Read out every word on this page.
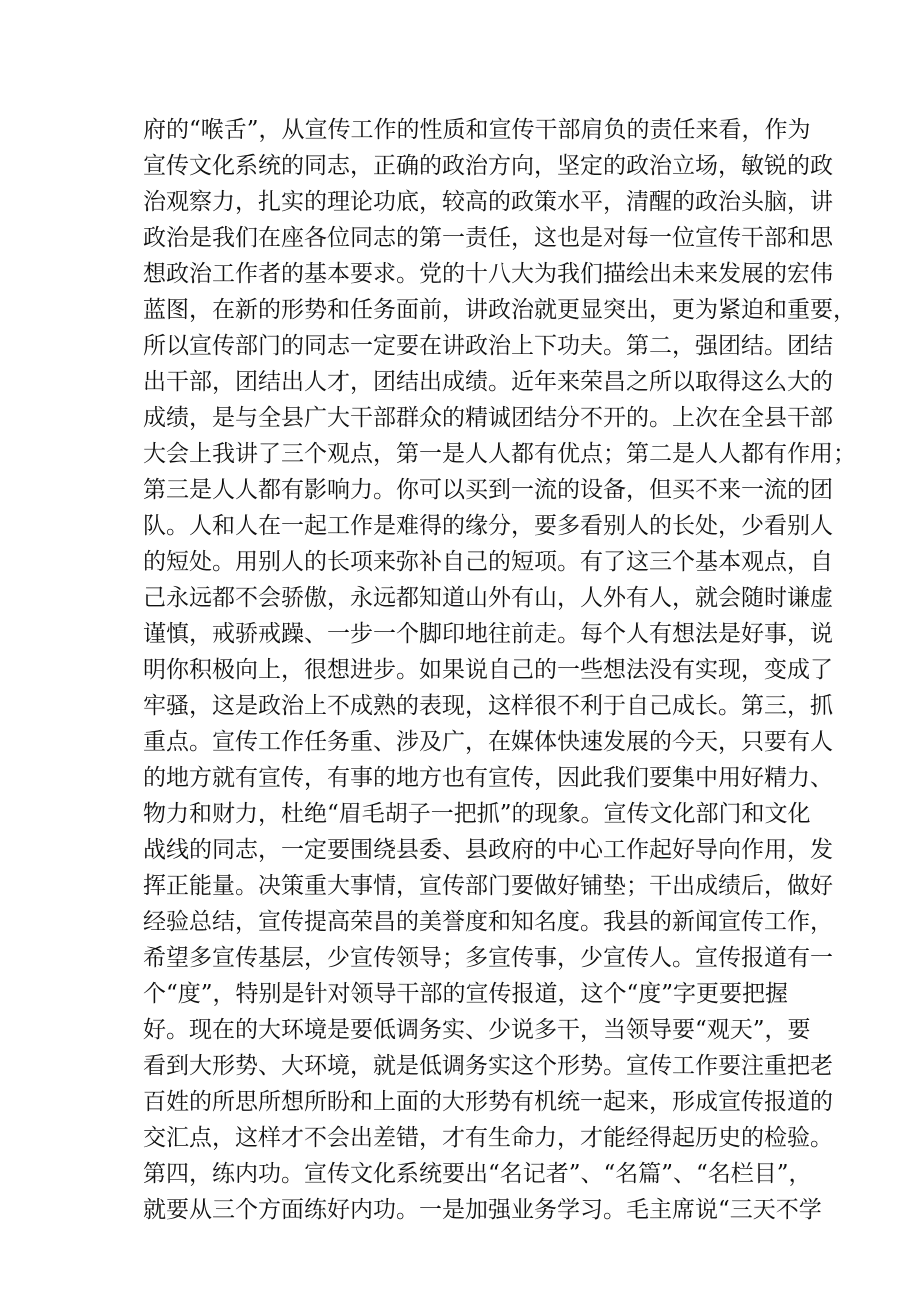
府的“喉舌”，从宣传工作的性质和宣传干部肩负的责任来看，作为
宣传文化系统的同志，正确的政治方向，坚定的政治立场，敏锐的政
治观察力，扎实的理论功底，较高的政策水平，清醒的政治头脑，讲
政治是我们在座各位同志的第一责任，这也是对每一位宣传干部和思
想政治工作者的基本要求。党的十八大为我们描绘出未来发展的宏伟
蓝图，在新的形势和任务面前，讲政治就更显突出，更为紧迫和重要，
所以宣传部门的同志一定要在讲政治上下功夫。第二，强团结。团结
出干部，团结出人才，团结出成绩。近年来荣昌之所以取得这么大的
成绩，是与全县广大干部群众的精诚团结分不开的。上次在全县干部
大会上我讲了三个观点，第一是人人都有优点；第二是人人都有作用；
第三是人人都有影响力。你可以买到一流的设备，但买不来一流的团
队。人和人在一起工作是难得的缘分，要多看别人的长处，少看别人
的短处。用别人的长项来弥补自己的短项。有了这三个基本观点，自
己永远都不会骄傲，永远都知道山外有山，人外有人，就会随时谦虚
谨慎，戒骄戒躁、一步一个脚印地往前走。每个人有想法是好事，说
明你积极向上，很想进步。如果说自己的一些想法没有实现，变成了
牢骚，这是政治上不成熟的表现，这样很不利于自己成长。第三，抓
重点。宣传工作任务重、涉及广，在媒体快速发展的今天，只要有人
的地方就有宣传，有事的地方也有宣传，因此我们要集中用好精力、
物力和财力，杜绝“眉毛胡子一把抓”的现象。宣传文化部门和文化
战线的同志，一定要围绕县委、县政府的中心工作起好导向作用，发
挥正能量。决策重大事情，宣传部门要做好铺垫；干出成绩后，做好
经验总结，宣传提高荣昌的美誉度和知名度。我县的新闻宣传工作，
希望多宣传基层，少宣传领导；多宣传事，少宣传人。宣传报道有一
个“度”，特别是针对领导干部的宣传报道，这个“度”字更要把握
好。现在的大环境是要低调务实、少说多干，当领导要“观天”，要
看到大形势、大环境，就是低调务实这个形势。宣传工作要注重把老
百姓的所思所想所盼和上面的大形势有机统一起来，形成宣传报道的
交汇点，这样才不会出差错，才有生命力，才能经得起历史的检验。
第四，练内功。宣传文化系统要出“名记者”、“名篇”、“名栏目”，
就要从三个方面练好内功。一是加强业务学习。毛主席说“三天不学
